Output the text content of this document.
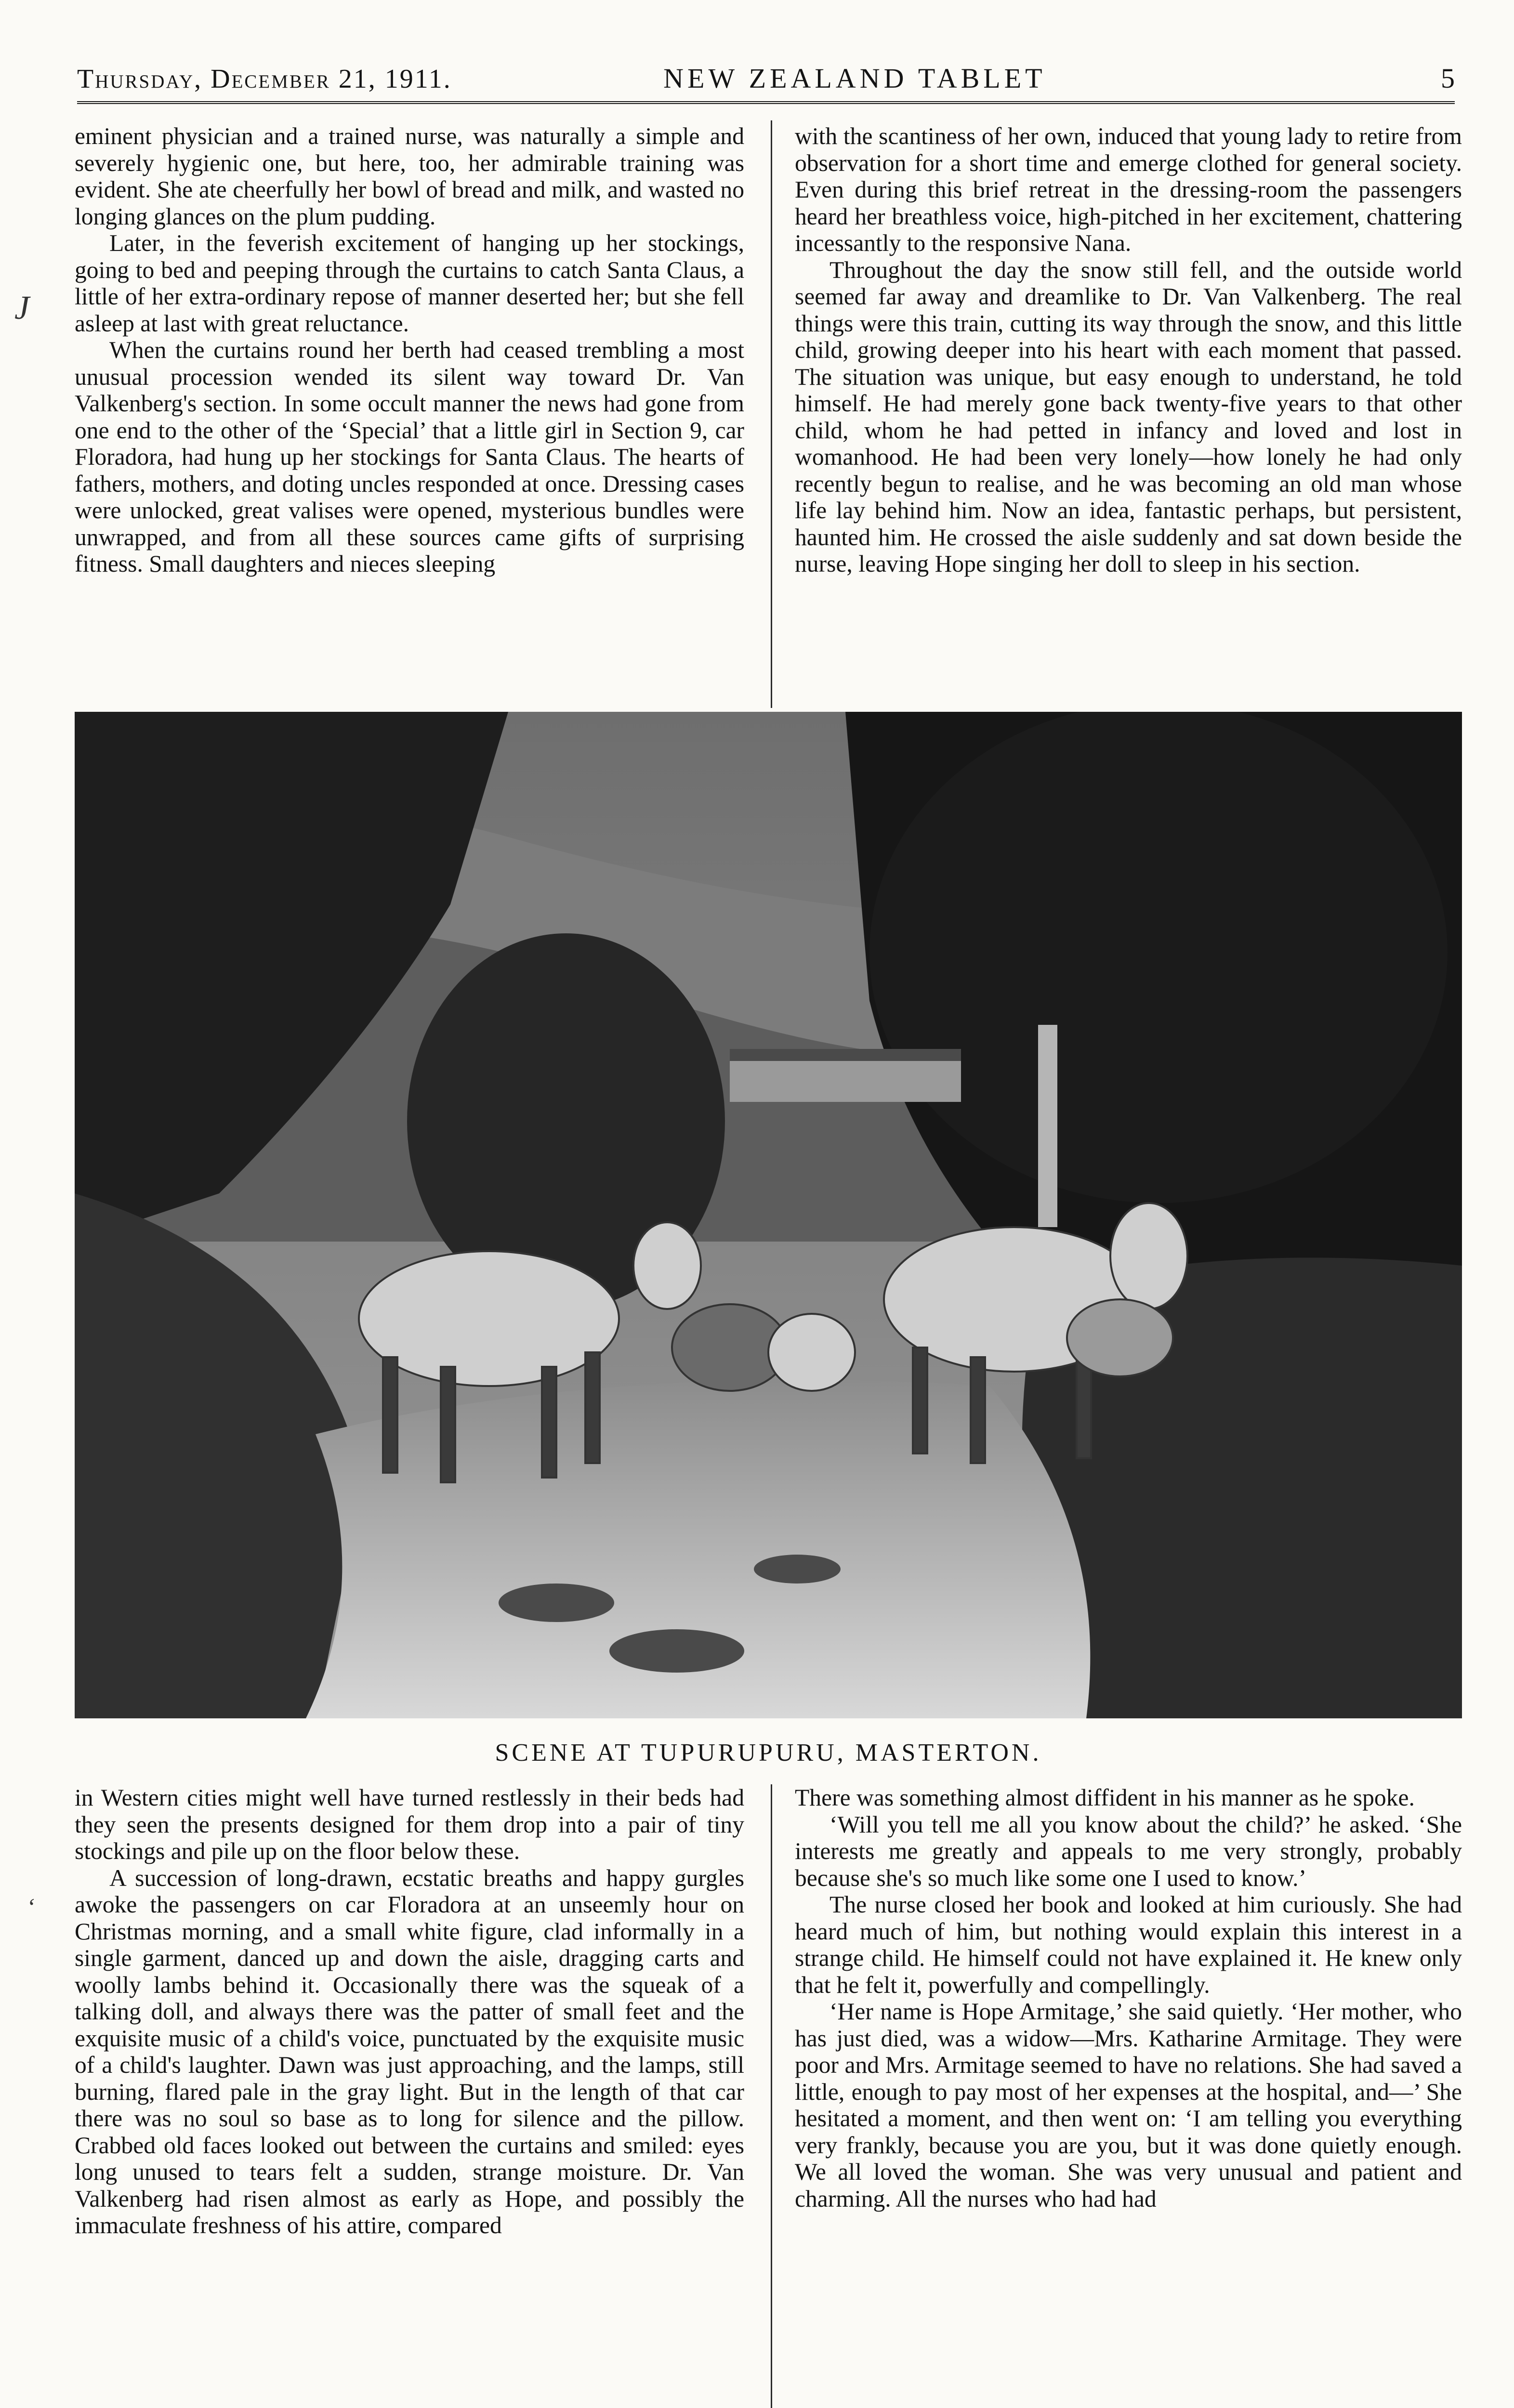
Thursday, December 21, 1911.	NEW ZEALAND TABLET	5
J
‘

eminent physician and a trained nurse, was naturally a simple and severely hygienic one, but here, too, her admirable training was evident. She ate cheerfully her bowl of bread and milk, and wasted no longing glances on the plum pudding.

Later, in the feverish excitement of hanging up her stockings, going to bed and peeping through the curtains to catch Santa Claus, a little of her extra-ordinary repose of manner deserted her; but she fell asleep at last with great reluctance.

When the curtains round her berth had ceased trembling a most unusual procession wended its silent way toward Dr. Van Valkenberg's section. In some occult manner the news had gone from one end to the other of the ‘Special’ that a little girl in Section 9, car Floradora, had hung up her stockings for Santa Claus. The hearts of fathers, mothers, and doting uncles responded at once. Dressing cases were unlocked, great valises were opened, mysterious bundles were unwrapped, and from all these sources came gifts of surprising fitness. Small daughters and nieces sleeping

with the scantiness of her own, induced that young lady to retire from observation for a short time and emerge clothed for general society. Even during this brief retreat in the dressing-room the passengers heard her breathless voice, high-pitched in her excitement, chattering incessantly to the responsive Nana.

Throughout the day the snow still fell, and the outside world seemed far away and dreamlike to Dr. Van Valkenberg. The real things were this train, cutting its way through the snow, and this little child, growing deeper into his heart with each moment that passed. The situation was unique, but easy enough to understand, he told himself. He had merely gone back twenty-five years to that other child, whom he had petted in infancy and loved and lost in womanhood. He had been very lonely—how lonely he had only recently begun to realise, and he was becoming an old man whose life lay behind him. Now an idea, fantastic perhaps, but persistent, haunted him. He crossed the aisle suddenly and sat down beside the nurse, leaving Hope singing her doll to sleep in his section.

SCENE AT TUPURUPURU, MASTERTON.

in Western cities might well have turned restlessly in their beds had they seen the presents designed for them drop into a pair of tiny stockings and pile up on the floor below these.

A succession of long-drawn, ecstatic breaths and happy gurgles awoke the passengers on car Floradora at an unseemly hour on Christmas morning, and a small white figure, clad informally in a single garment, danced up and down the aisle, dragging carts and woolly lambs behind it. Occasionally there was the squeak of a talking doll, and always there was the patter of small feet and the exquisite music of a child's voice, punctuated by the exquisite music of a child's laughter. Dawn was just approaching, and the lamps, still burning, flared pale in the gray light. But in the length of that car there was no soul so base as to long for silence and the pillow. Crabbed old faces looked out between the curtains and smiled: eyes long unused to tears felt a sudden, strange moisture. Dr. Van Valkenberg had risen almost as early as Hope, and possibly the immaculate freshness of his attire, compared

There was something almost diffident in his manner as he spoke.

‘Will you tell me all you know about the child?’ he asked. ‘She interests me greatly and appeals to me very strongly, probably because she's so much like some one I used to know.’

The nurse closed her book and looked at him curiously. She had heard much of him, but nothing would explain this interest in a strange child. He himself could not have explained it. He knew only that he felt it, powerfully and compellingly.

‘Her name is Hope Armitage,’ she said quietly. ‘Her mother, who has just died, was a widow—Mrs. Katharine Armitage. They were poor and Mrs. Armitage seemed to have no relations. She had saved a little, enough to pay most of her expenses at the hospital, and—’ She hesitated a moment, and then went on: ‘I am telling you everything very frankly, because you are you, but it was done quietly enough. We all loved the woman. She was very unusual and patient and charming. All the nurses who had had
